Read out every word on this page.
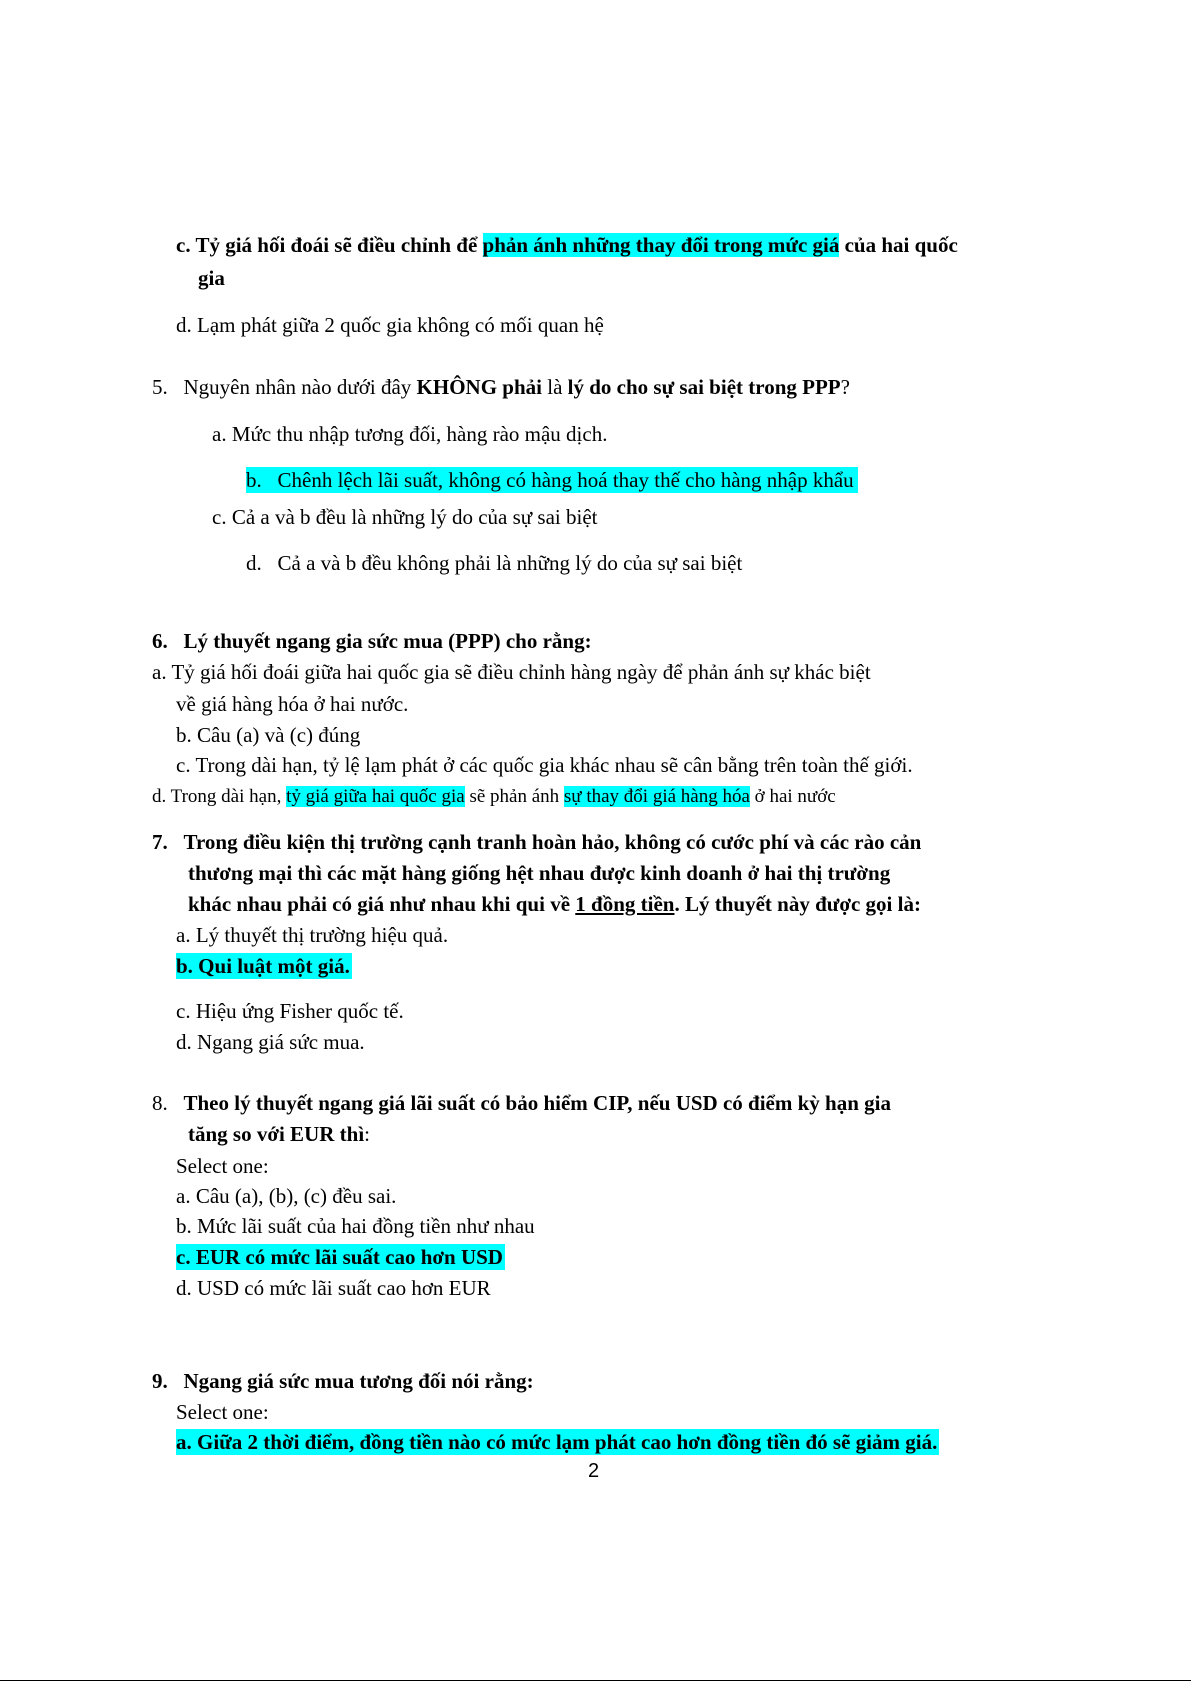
c. Tỷ giá hối đoái sẽ điều chỉnh để phản ánh những thay đổi trong mức giá của hai quốc
gia
d. Lạm phát giữa 2 quốc gia không có mối quan hệ
5. Nguyên nhân nào dưới đây KHÔNG phải là lý do cho sự sai biệt trong PPP?
a. Mức thu nhập tương đối, hàng rào mậu dịch.
b. Chênh lệch lãi suất, không có hàng hoá thay thế cho hàng nhập khẩu
c. Cả a và b đều là những lý do của sự sai biệt
d. Cả a và b đều không phải là những lý do của sự sai biệt
6. Lý thuyết ngang gia sức mua (PPP) cho rằng:
a. Tỷ giá hối đoái giữa hai quốc gia sẽ điều chỉnh hàng ngày để phản ánh sự khác biệt
về giá hàng hóa ở hai nước.
b. Câu (a) và (c) đúng
c. Trong dài hạn, tỷ lệ lạm phát ở các quốc gia khác nhau sẽ cân bằng trên toàn thế giới.
d. Trong dài hạn, tỷ giá giữa hai quốc gia sẽ phản ánh sự thay đổi giá hàng hóa ở hai nước
7. Trong điều kiện thị trường cạnh tranh hoàn hảo, không có cước phí và các rào cản
thương mại thì các mặt hàng giống hệt nhau được kinh doanh ở hai thị trường
khác nhau phải có giá như nhau khi qui về 1 đồng tiền. Lý thuyết này được gọi là:
a. Lý thuyết thị trường hiệu quả.
b. Qui luật một giá.
c. Hiệu ứng Fisher quốc tế.
d. Ngang giá sức mua.
8. Theo lý thuyết ngang giá lãi suất có bảo hiểm CIP, nếu USD có điểm kỳ hạn gia
tăng so với EUR thì:
Select one:
a. Câu (a), (b), (c) đều sai.
b. Mức lãi suất của hai đồng tiền như nhau
c. EUR có mức lãi suất cao hơn USD
d. USD có mức lãi suất cao hơn EUR
9. Ngang giá sức mua tương đối nói rằng:
Select one:
a. Giữa 2 thời điểm, đồng tiền nào có mức lạm phát cao hơn đồng tiền đó sẽ giảm giá.
2
